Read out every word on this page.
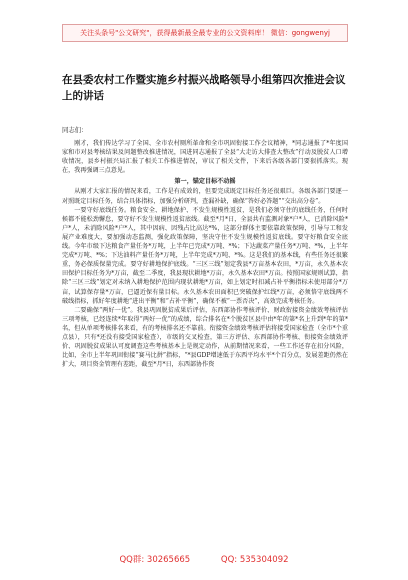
关注头条号"公文研究"，获得最新最全最专业的公文资料库！ 微信：gongwenyj
在县委农村工作暨实施乡村振兴战略领导小组第四次推进会议上的讲话
同志们：

刚才，我们传达学习了全国、全市农村厕所革命和全市巩固衔接工作会议精神，*同志通报了*年度国家和市对县考核结果及问题整改推进情况，国进同志通报了全县“大走访大排查大整改”行动及脱贫人口增收情况，县乡村振兴局汇报了相关工作推进情况，审议了相关文件，下来后各级各部门要狠抓落实。现在，我再强调三点意见。

第一，锚定目标不动摇

从刚才大家汇报的情况来看，工作是有成效的，但要完成既定目标任务还很艰巨。各级各部门要逐一对照既定目标任务，结合具体指标，加强分析研判，查漏补缺，确保“答好必答题”“交出高分卷”。

一要守好底线任务。粮食安全、耕地保护、不发生规模性返贫，是我们必须守住的底线任务，任何时候都不能松劲懈怠，要守好不发生规模性返贫底线。截至*月*日，全县共有监测对象*户*人，已消除风险*户*人，未消除风险*户*人，其中因病、因残占比高达*%，这部分群体主要依靠政策保障，引导与工和发展产业难度大，要加强动态监测，强化政策保障，坚决守住不发生规模性返贫底线。要守好粮食安全底线。今年市级下达粮食产量任务*万吨，上半年已完成*万吨、*%；下达蔬菜产量任务*万吨、*%，上半年完成*万吨、*%；下达油料产量任务*万吨，上半年完成*万吨、*%。这是我们的基本线，有些任务还很繁重，务必保质保量完成。要守好耕地保护底线。“三区三线”划定我县*万亩基本农田，*万亩，永久基本农田保护目标任务为*万亩，截至二季度，我县现状耕地*万亩，永久基本农田*万亩。按照国家规则试算，指除“三区三线”划定对未纳入耕地保护范围内现状耕地*万亩，如上划定时扣减占补平衡指标未使用部分*万亩，试算保存量*万亩，已逼近保有量目标。永久基本农田面积已突破保护红线*万亩，必须恪守底线两不破线指标，抓好年度耕地“进出平衡”和“占补平衡”，确保不被“一票否决”，高效完成考核任务。

二要确保“两好一优”。我县巩固脱贫成果后评估，东西部协作考核评价、财政衔接资金绩效考核评估三项考核，已经连续*年取得“两好一优”的成绩，综合排名在*个脱贫区县中由*年的第*名上升到*年的第*名，但从单项考核排名来看，有的考核排名还不靠前。衔接资金绩效考核评估将接受国家检查（全市*个重点县），只有*还没有接受国家检查），市级的交叉检查，第三方评估、东西部协作考核、衔接资金绩效评价、巩固脱贫成果认可度调查这些考核基本上是规定动作，从前期情况来看，一些工作还存在扣分风险，比如，全市上半年巩固衔接“赛马比拼”指标，“*县GDP增速低于东西平均水平*个百分点，发展差距仍然在扩大，项目资金管理有差距，截至*月*日，东西部协作资

QQ群: 30265665	QQ: 535304092
